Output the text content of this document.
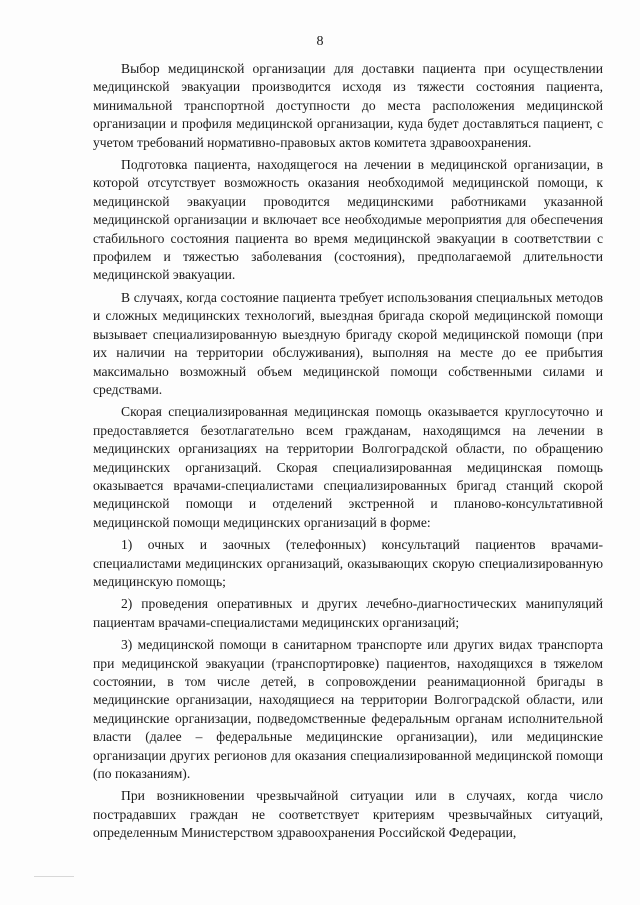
8

Выбор медицинской организации для доставки пациента при осуществлении медицинской эвакуации производится исходя из тяжести состояния пациента, минимальной транспортной доступности до места расположения медицинской организации и профиля медицинской организации, куда будет доставляться пациент, с учетом требований нормативно-правовых актов комитета здравоохранения.

Подготовка пациента, находящегося на лечении в медицинской организации, в которой отсутствует возможность оказания необходимой медицинской помощи, к медицинской эвакуации проводится медицинскими работниками указанной медицинской организации и включает все необходимые мероприятия для обеспечения стабильного состояния пациента во время медицинской эвакуации в соответствии с профилем и тяжестью заболевания (состояния), предполагаемой длительности медицинской эвакуации.

В случаях, когда состояние пациента требует использования специальных методов и сложных медицинских технологий, выездная бригада скорой медицинской помощи вызывает специализированную выездную бригаду скорой медицинской помощи (при их наличии на территории обслуживания), выполняя на месте до ее прибытия максимально возможный объем медицинской помощи собственными силами и средствами.

Скорая специализированная медицинская помощь оказывается круглосуточно и предоставляется безотлагательно всем гражданам, находящимся на лечении в медицинских организациях на территории Волгоградской области, по обращению медицинских организаций. Скорая специализированная медицинская помощь оказывается врачами-специалистами специализированных бригад станций скорой медицинской помощи и отделений экстренной и планово-консультативной медицинской помощи медицинских организаций в форме:

1) очных и заочных (телефонных) консультаций пациентов врачами-специалистами медицинских организаций, оказывающих скорую специализированную медицинскую помощь;

2) проведения оперативных и других лечебно-диагностических манипуляций пациентам врачами-специалистами медицинских организаций;

3) медицинской помощи в санитарном транспорте или других видах транспорта при медицинской эвакуации (транспортировке) пациентов, находящихся в тяжелом состоянии, в том числе детей, в сопровождении реанимационной бригады в медицинские организации, находящиеся на территории Волгоградской области, или медицинские организации, подведомственные федеральным органам исполнительной власти (далее – федеральные медицинские организации), или медицинские организации других регионов для оказания специализированной медицинской помощи (по показаниям).

При возникновении чрезвычайной ситуации или в случаях, когда число пострадавших граждан не соответствует критериям чрезвычайных ситуаций, определенным Министерством здравоохранения Российской Федерации,
